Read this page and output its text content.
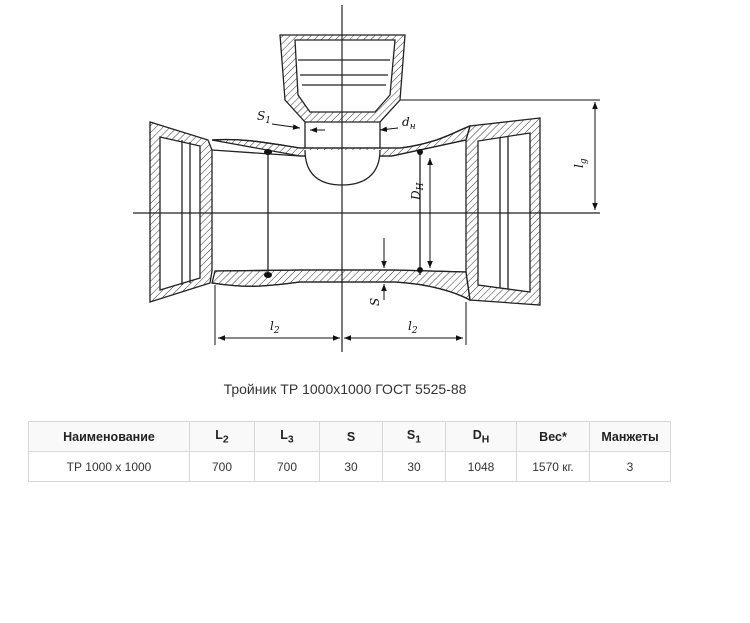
$S_1$	$d_н$
$l_g$
$D_H$
S
$l_2$	$l_2$
Тройник ТР 1000х1000 ГОСТ 5525-88
Наименование	$L_2$	$L_3$	S	$S_1$	$D_H$	Вес*	Манжеты
ТР 1000 х 1000	700	700	30	30	1048	1570 кг.	3
